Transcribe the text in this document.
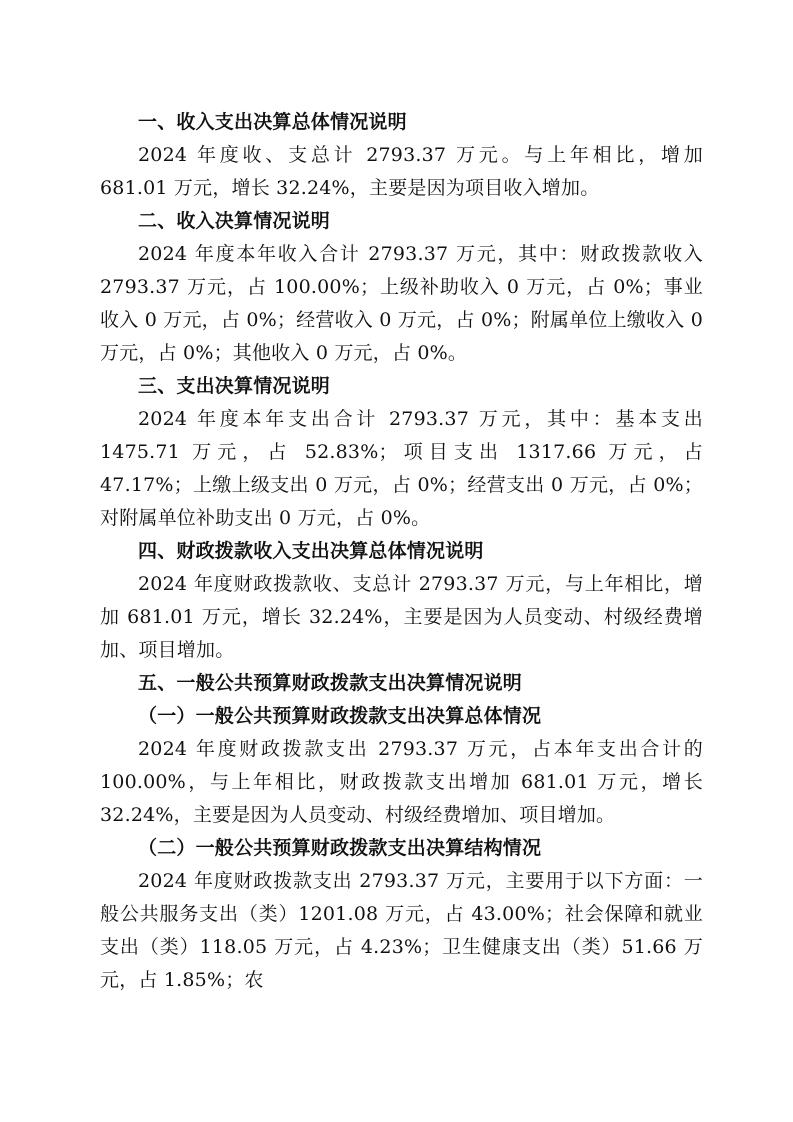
一、收入支出决算总体情况说明

2024 年度收、支总计 2793.37 万元。与上年相比，增加 681.01 万元，增长 32.24%，主要是因为项目收入增加。

二、收入决算情况说明

2024 年度本年收入合计 2793.37 万元，其中：财政拨款收入 2793.37 万元，占 100.00%；上级补助收入 0 万元，占 0%；事业收入 0 万元，占 0%；经营收入 0 万元，占 0%；附属单位上缴收入 0 万元，占 0%；其他收入 0 万元，占 0%。

三、支出决算情况说明

2024 年度本年支出合计 2793.37 万元，其中：基本支出 1475.71 万元，占 52.83%；项目支出 1317.66 万元，占 47.17%；上缴上级支出 0 万元，占 0%；经营支出 0 万元，占 0%；对附属单位补助支出 0 万元，占 0%。

四、财政拨款收入支出决算总体情况说明

2024 年度财政拨款收、支总计 2793.37 万元，与上年相比，增加 681.01 万元，增长 32.24%，主要是因为人员变动、村级经费增加、项目增加。

五、一般公共预算财政拨款支出决算情况说明
（一）一般公共预算财政拨款支出决算总体情况

2024 年度财政拨款支出 2793.37 万元，占本年支出合计的 100.00%，与上年相比，财政拨款支出增加 681.01 万元，增长 32.24%，主要是因为人员变动、村级经费增加、项目增加。

（二）一般公共预算财政拨款支出决算结构情况

2024 年度财政拨款支出 2793.37 万元，主要用于以下方面：一般公共服务支出（类）1201.08 万元，占 43.00%；社会保障和就业支出（类）118.05 万元，占 4.23%；卫生健康支出（类）51.66 万元，占 1.85%；农
